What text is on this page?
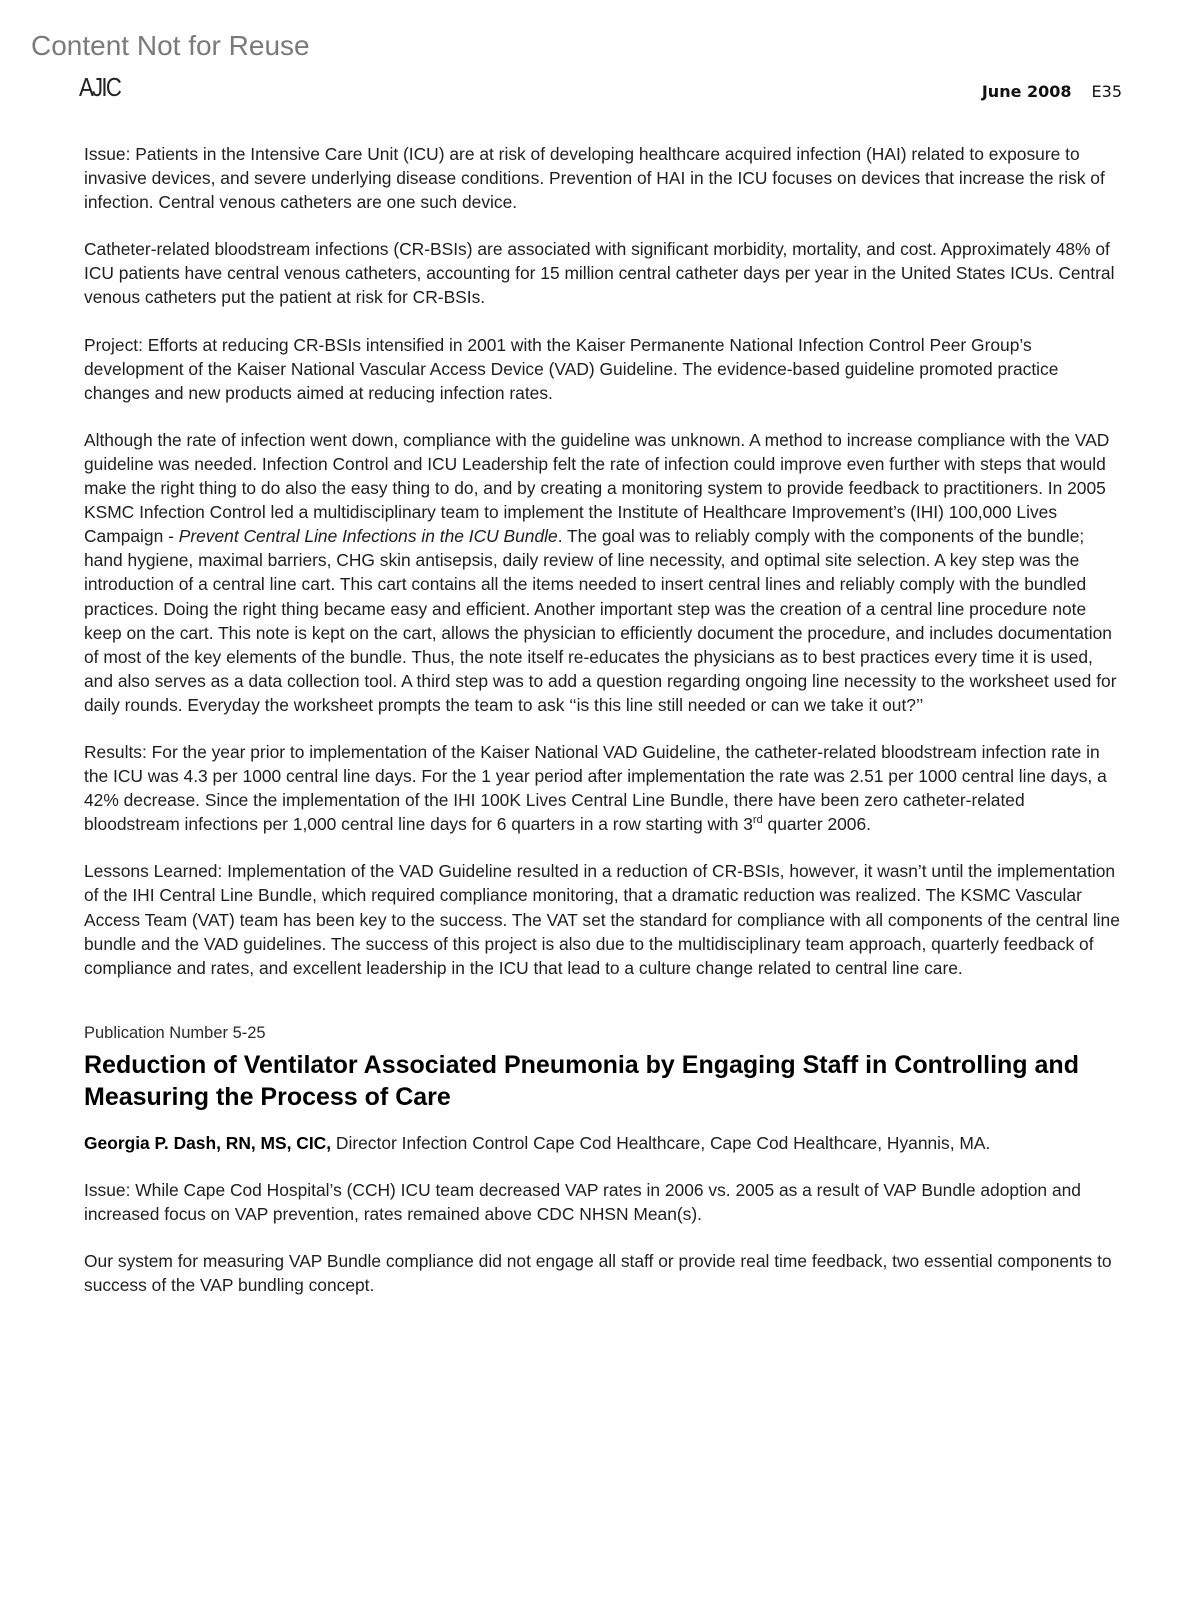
Content Not for Reuse
AJIC	June 2008 E35

Issue: Patients in the Intensive Care Unit (ICU) are at risk of developing healthcare acquired infection (HAI) related to exposure to invasive devices, and severe underlying disease conditions. Prevention of HAI in the ICU focuses on devices that increase the risk of infection. Central venous catheters are one such device.

Catheter-related bloodstream infections (CR-BSIs) are associated with significant morbidity, mortality, and cost. Approximately 48% of ICU patients have central venous catheters, accounting for 15 million central catheter days per year in the United States ICUs. Central venous catheters put the patient at risk for CR-BSIs.

Project: Efforts at reducing CR-BSIs intensified in 2001 with the Kaiser Permanente National Infection Control Peer Group’s development of the Kaiser National Vascular Access Device (VAD) Guideline. The evidence-based guideline promoted practice changes and new products aimed at reducing infection rates.

Although the rate of infection went down, compliance with the guideline was unknown. A method to increase compliance with the VAD guideline was needed. Infection Control and ICU Leadership felt the rate of infection could improve even further with steps that would make the right thing to do also the easy thing to do, and by creating a monitoring system to provide feedback to practitioners. In 2005 KSMC Infection Control led a multidisciplinary team to implement the Institute of Healthcare Improvement’s (IHI) 100,000 Lives Campaign - Prevent Central Line Infections in the ICU Bundle. The goal was to reliably comply with the components of the bundle; hand hygiene, maximal barriers, CHG skin antisepsis, daily review of line necessity, and optimal site selection. A key step was the introduction of a central line cart. This cart contains all the items needed to insert central lines and reliably comply with the bundled practices. Doing the right thing became easy and efficient. Another important step was the creation of a central line procedure note keep on the cart. This note is kept on the cart, allows the physician to efficiently document the procedure, and includes documentation of most of the key elements of the bundle. Thus, the note itself re-educates the physicians as to best practices every time it is used, and also serves as a data collection tool. A third step was to add a question regarding ongoing line necessity to the worksheet used for daily rounds. Everyday the worksheet prompts the team to ask ‘‘is this line still needed or can we take it out?’’

Results: For the year prior to implementation of the Kaiser National VAD Guideline, the catheter-related bloodstream infection rate in the ICU was 4.3 per 1000 central line days. For the 1 year period after implementation the rate was 2.51 per 1000 central line days, a 42% decrease. Since the implementation of the IHI 100K Lives Central Line Bundle, there have been zero catheter-related bloodstream infections per 1,000 central line days for 6 quarters in a row starting with 3rd quarter 2006.

Lessons Learned: Implementation of the VAD Guideline resulted in a reduction of CR-BSIs, however, it wasn’t until the implementation of the IHI Central Line Bundle, which required compliance monitoring, that a dramatic reduction was realized. The KSMC Vascular Access Team (VAT) team has been key to the success. The VAT set the standard for compliance with all components of the central line bundle and the VAD guidelines. The success of this project is also due to the multidisciplinary team approach, quarterly feedback of compliance and rates, and excellent leadership in the ICU that lead to a culture change related to central line care.

Publication Number 5-25
Reduction of Ventilator Associated Pneumonia by Engaging Staff in Controlling and Measuring the Process of Care

Georgia P. Dash, RN, MS, CIC, Director Infection Control Cape Cod Healthcare, Cape Cod Healthcare, Hyannis, MA.

Issue: While Cape Cod Hospital’s (CCH) ICU team decreased VAP rates in 2006 vs. 2005 as a result of VAP Bundle adoption and increased focus on VAP prevention, rates remained above CDC NHSN Mean(s).

Our system for measuring VAP Bundle compliance did not engage all staff or provide real time feedback, two essential components to success of the VAP bundling concept.
